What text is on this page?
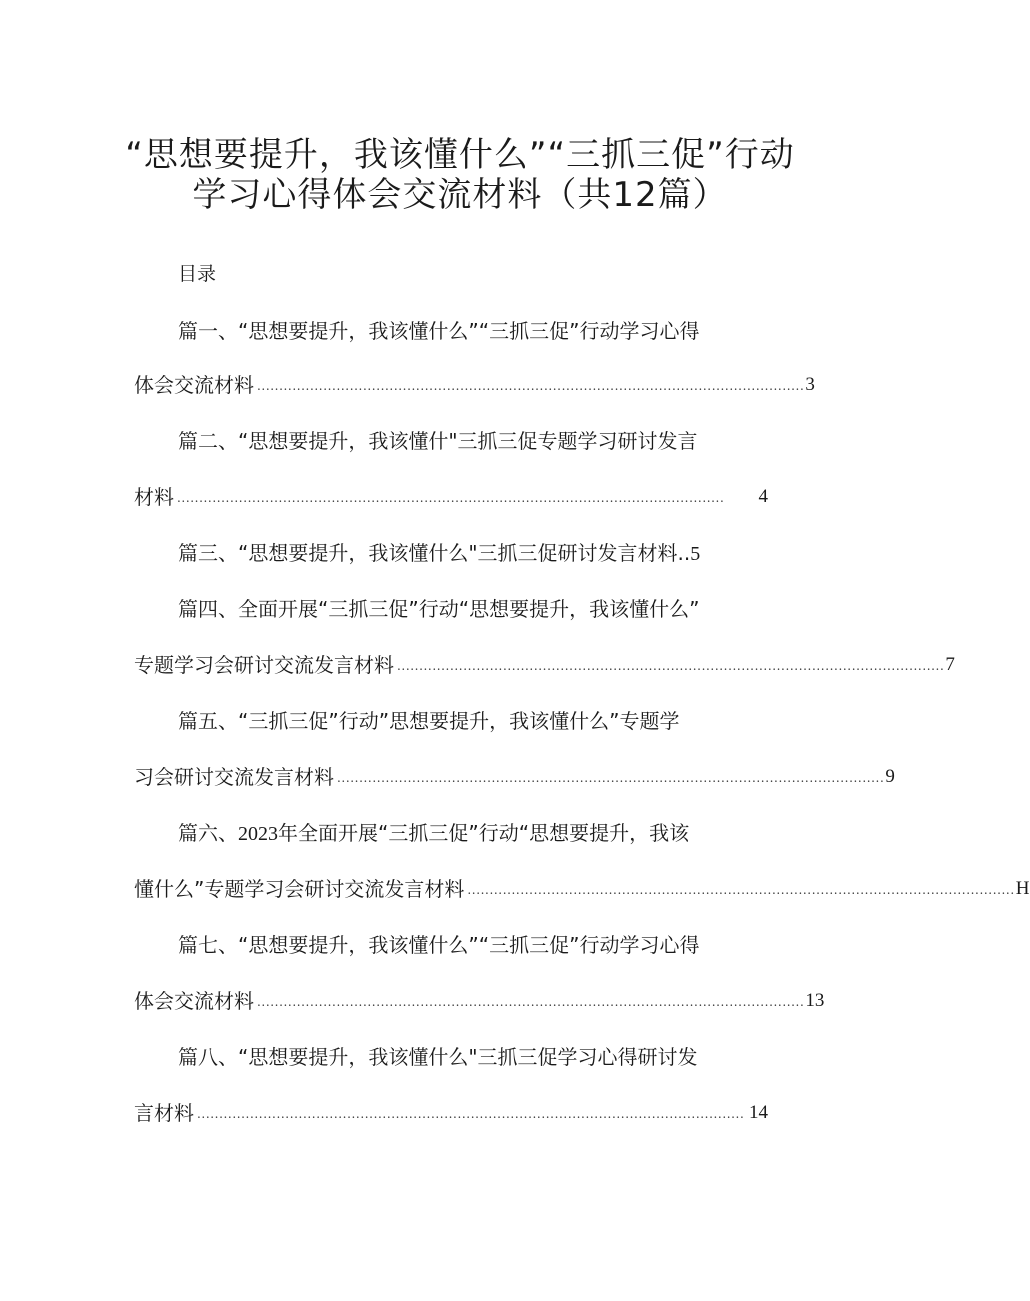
“思想要提升，我该懂什么”“三抓三促”行动
学习心得体会交流材料（共12篇）
目录
篇一、“思想要提升，我该懂什么”“三抓三促”行动学习心得
体会交流材料 ............................................................................................................................ 3
篇二、“思想要提升，我该懂什"三抓三促专题学习研讨发言
材料 ............................................................................................................................	4
篇三、“思想要提升，我该懂什么"三抓三促研讨发言材料..5
篇四、全面开展“三抓三促”行动“思想要提升，我该懂什么”
专题学习会研讨交流发言材料 ............................................................................................................................ 7
篇五、“三抓三促”行动”思想要提升，我该懂什么”专题学
习会研讨交流发言材料 ............................................................................................................................ 9
篇六、2023年全面开展“三抓三促”行动“思想要提升，我该
懂什么”专题学习会研讨交流发言材料 ............................................................................................................................ H
篇七、“思想要提升，我该懂什么”“三抓三促”行动学习心得
体会交流材料 ............................................................................................................................ 13
篇八、“思想要提升，我该懂什么"三抓三促学习心得研讨发
言材料 ............................................................................................................................ 14
